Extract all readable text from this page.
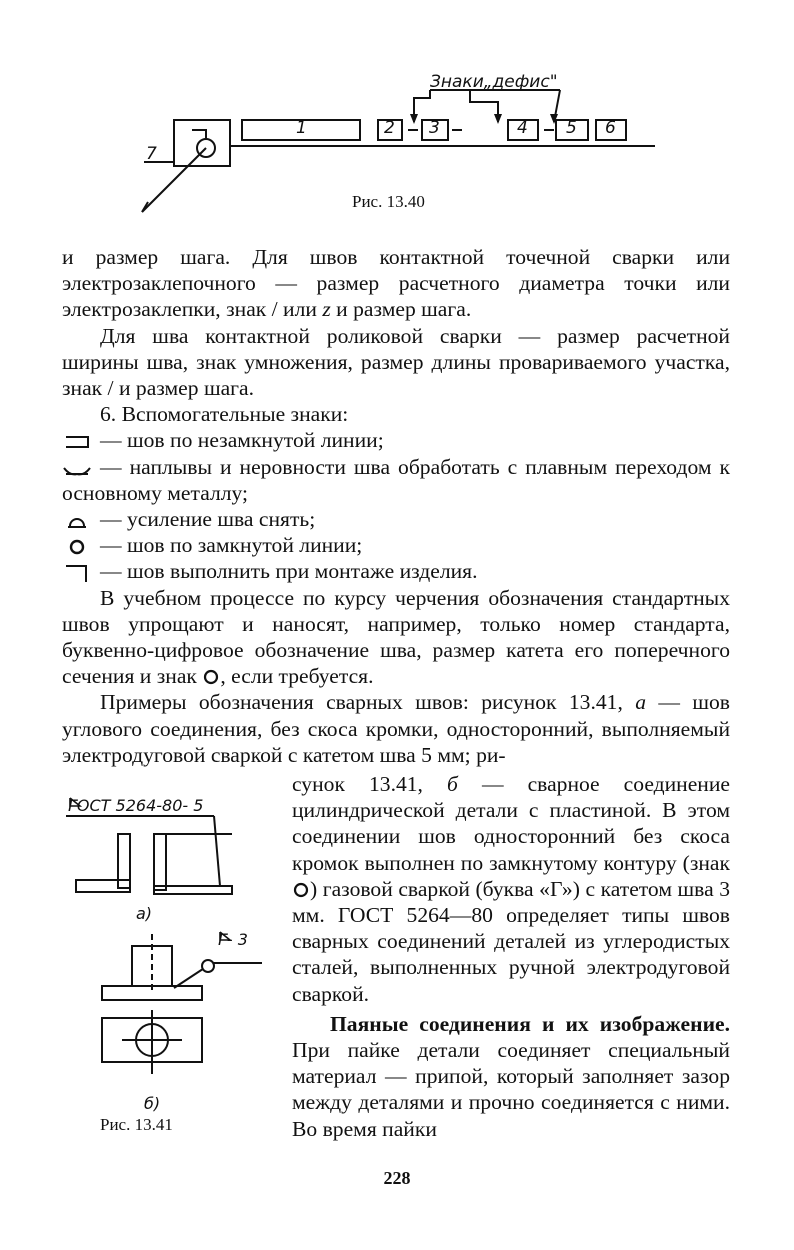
Знаки„дефис"
1	2 3	4 5 6
7
Рис. 13.40

и размер шага. Для швов контактной точечной сварки или электрозаклепочного — размер расчетного диаметра точки или электрозаклепки, знак / или z и размер шага.

Для шва контактной роликовой сварки — размер расчетной ширины шва, знак умножения, размер длины провариваемого участка, знак / и размер шага.

6. Вспомогательные знаки:

— шов по незамкнутой линии;

— наплывы и неровности шва обработать с плавным переходом к основному металлу;

— усиление шва снять;

— шов по замкнутой линии;

— шов выполнить при монтаже изделия.

В учебном процессе по курсу черчения обозначения стандартных швов упрощают и наносят, например, только номер стандарта, буквенно-цифровое обозначение шва, размер катета его поперечного сечения и знак , если требуется.

Примеры обозначения сварных швов: рисунок 13.41, а — шов углового соединения, без скоса кромки, односторонний, выполняемый электродуговой сваркой с катетом шва 5 мм; ри-

сунок 13.41, б — сварное соединение цилиндрической детали с пластиной. В этом соединении шов односторонний без скоса кромок выполнен по замкнутому контуру (знак ) газовой сваркой (буква «Г») с катетом шва 3 мм. ГОСТ 5264—80 определяет типы швов сварных соединений деталей из углеродистых сталей, выполненных ручной электродуговой сваркой.

Паяные соединения и их изображение. При пайке детали соединяет специальный материал — припой, который заполняет зазор между деталями и прочно соединяется с ними. Во время пайки

ГОСТ 5264-80- 5
а)
Г- 3
б)
Рис. 13.41
228
